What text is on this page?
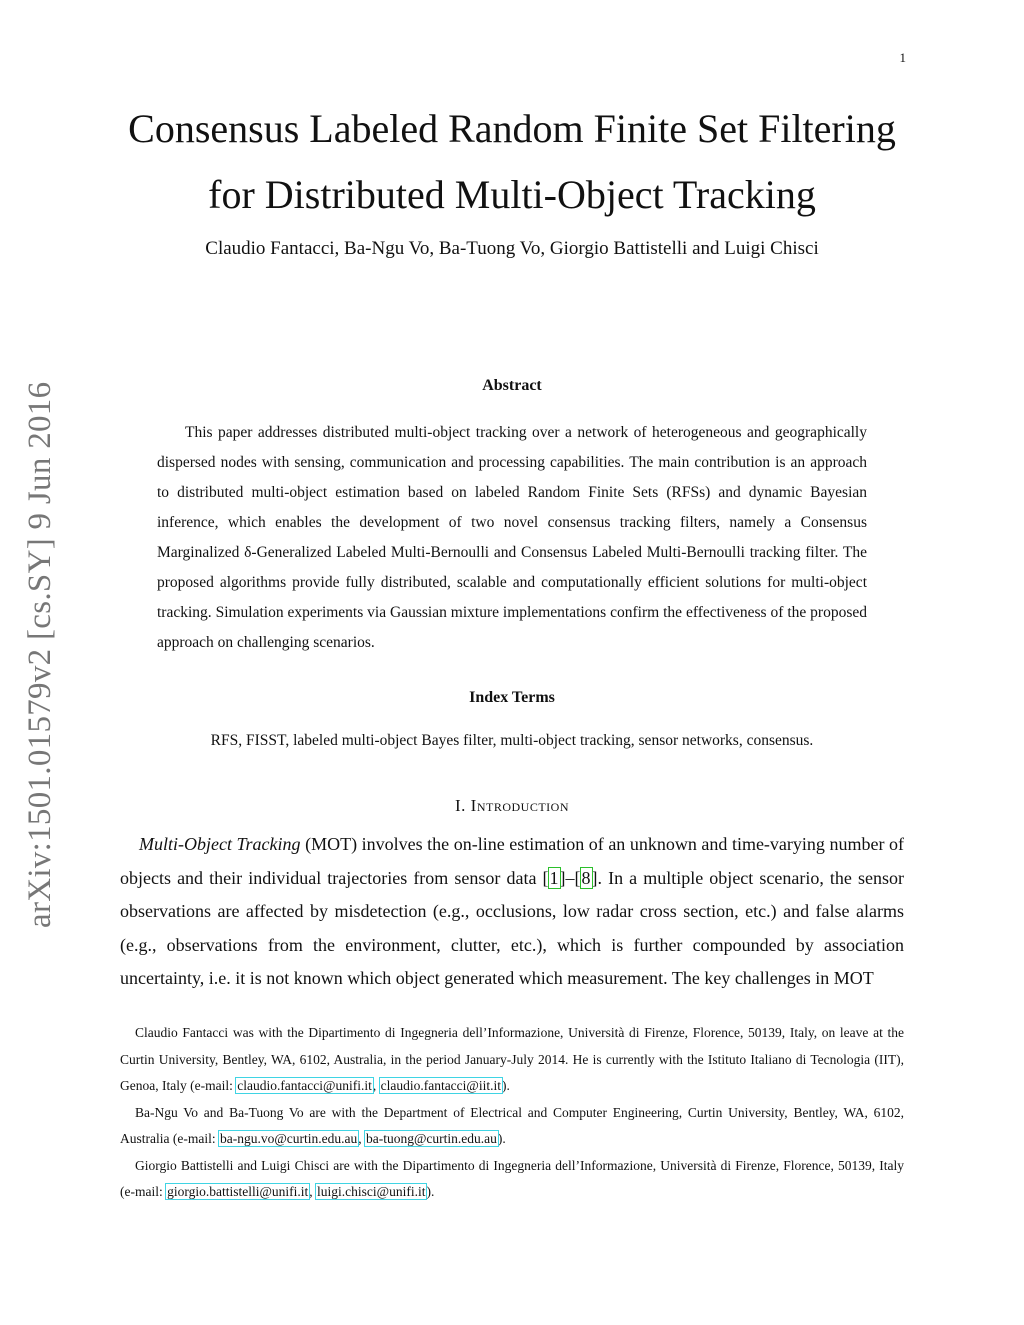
1
Consensus Labeled Random Finite Set Filtering
for Distributed Multi-Object Tracking
Claudio Fantacci, Ba-Ngu Vo, Ba-Tuong Vo, Giorgio Battistelli and Luigi Chisci
arXiv:1501.01579v2 [cs.SY] 9 Jun 2016	Abstract
This paper addresses distributed multi-object tracking over a network of heterogeneous and geographically dispersed nodes with sensing, communication and processing capabilities. The main contribution is an approach to distributed multi-object estimation based on labeled Random Finite Sets (RFSs) and dynamic Bayesian inference, which enables the development of two novel consensus tracking filters, namely a Consensus Marginalized δ-Generalized Labeled Multi-Bernoulli and Consensus Labeled Multi-Bernoulli tracking filter. The proposed algorithms provide fully distributed, scalable and computationally efficient solutions for multi-object tracking. Simulation experiments via Gaussian mixture implementations confirm the effectiveness of the proposed approach on challenging scenarios.
Index Terms
RFS, FISST, labeled multi-object Bayes filter, multi-object tracking, sensor networks, consensus.
I. Introduction
Multi-Object Tracking (MOT) involves the on-line estimation of an unknown and time-varying number of objects and their individual trajectories from sensor data [1]–[8]. In a multiple object scenario, the sensor observations are affected by misdetection (e.g., occlusions, low radar cross section, etc.) and false alarms (e.g., observations from the environment, clutter, etc.), which is further compounded by association uncertainty, i.e. it is not known which object generated which measurement. The key challenges in MOT

Claudio Fantacci was with the Dipartimento di Ingegneria dell’Informazione, Università di Firenze, Florence, 50139, Italy, on leave at the Curtin University, Bentley, WA, 6102, Australia, in the period January-July 2014. He is currently with the Istituto Italiano di Tecnologia (IIT), Genoa, Italy (e-mail: claudio.fantacci@unifi.it, claudio.fantacci@iit.it).

Ba-Ngu Vo and Ba-Tuong Vo are with the Department of Electrical and Computer Engineering, Curtin University, Bentley, WA, 6102, Australia (e-mail: ba-ngu.vo@curtin.edu.au, ba-tuong@curtin.edu.au).

Giorgio Battistelli and Luigi Chisci are with the Dipartimento di Ingegneria dell’Informazione, Università di Firenze, Florence, 50139, Italy (e-mail: giorgio.battistelli@unifi.it, luigi.chisci@unifi.it).
